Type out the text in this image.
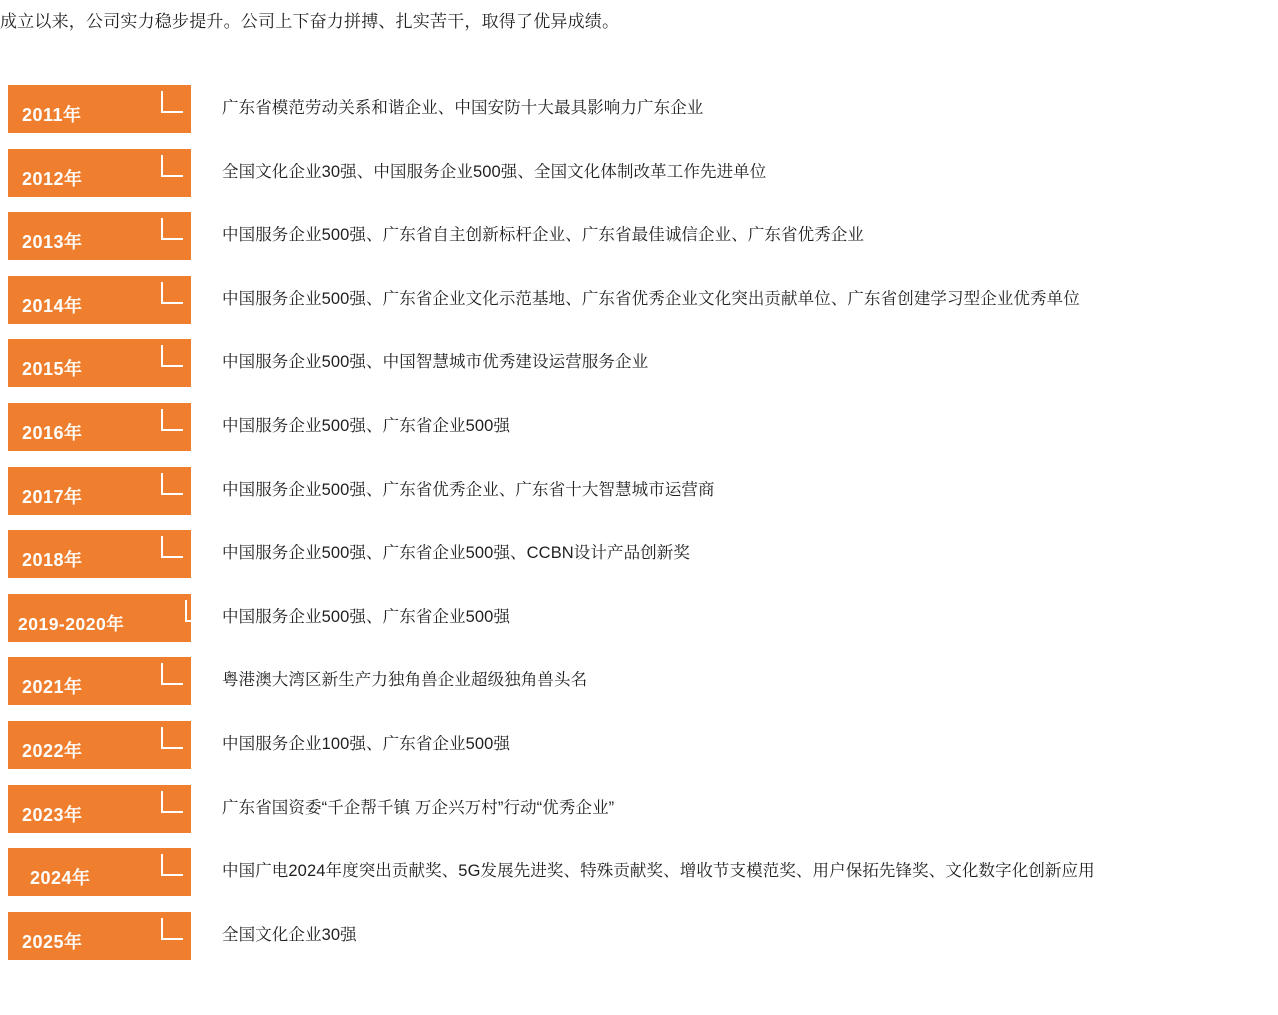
成立以来，公司实力稳步提升。公司上下奋力拼搏、扎实苦干，取得了优异成绩。
2011年	广东省模范劳动关系和谐企业、中国安防十大最具影响力广东企业
2012年	全国文化企业30强、中国服务企业500强、全国文化体制改革工作先进单位
2013年	中国服务企业500强、广东省自主创新标杆企业、广东省最佳诚信企业、广东省优秀企业
2014年	中国服务企业500强、广东省企业文化示范基地、广东省优秀企业文化突出贡献单位、广东省创建学习型企业优秀单位
2015年	中国服务企业500强、中国智慧城市优秀建设运营服务企业
2016年	中国服务企业500强、广东省企业500强
2017年	中国服务企业500强、广东省优秀企业、广东省十大智慧城市运营商
2018年	中国服务企业500强、广东省企业500强、CCBN设计产品创新奖
2019-2020年	中国服务企业500强、广东省企业500强
2021年	粤港澳大湾区新生产力独角兽企业超级独角兽头名
2022年	中国服务企业100强、广东省企业500强
2023年	广东省国资委“千企帮千镇 万企兴万村”行动“优秀企业”
2024年	中国广电2024年度突出贡献奖、5G发展先进奖、特殊贡献奖、增收节支模范奖、用户保拓先锋奖、文化数字化创新应用
2025年	全国文化企业30强
